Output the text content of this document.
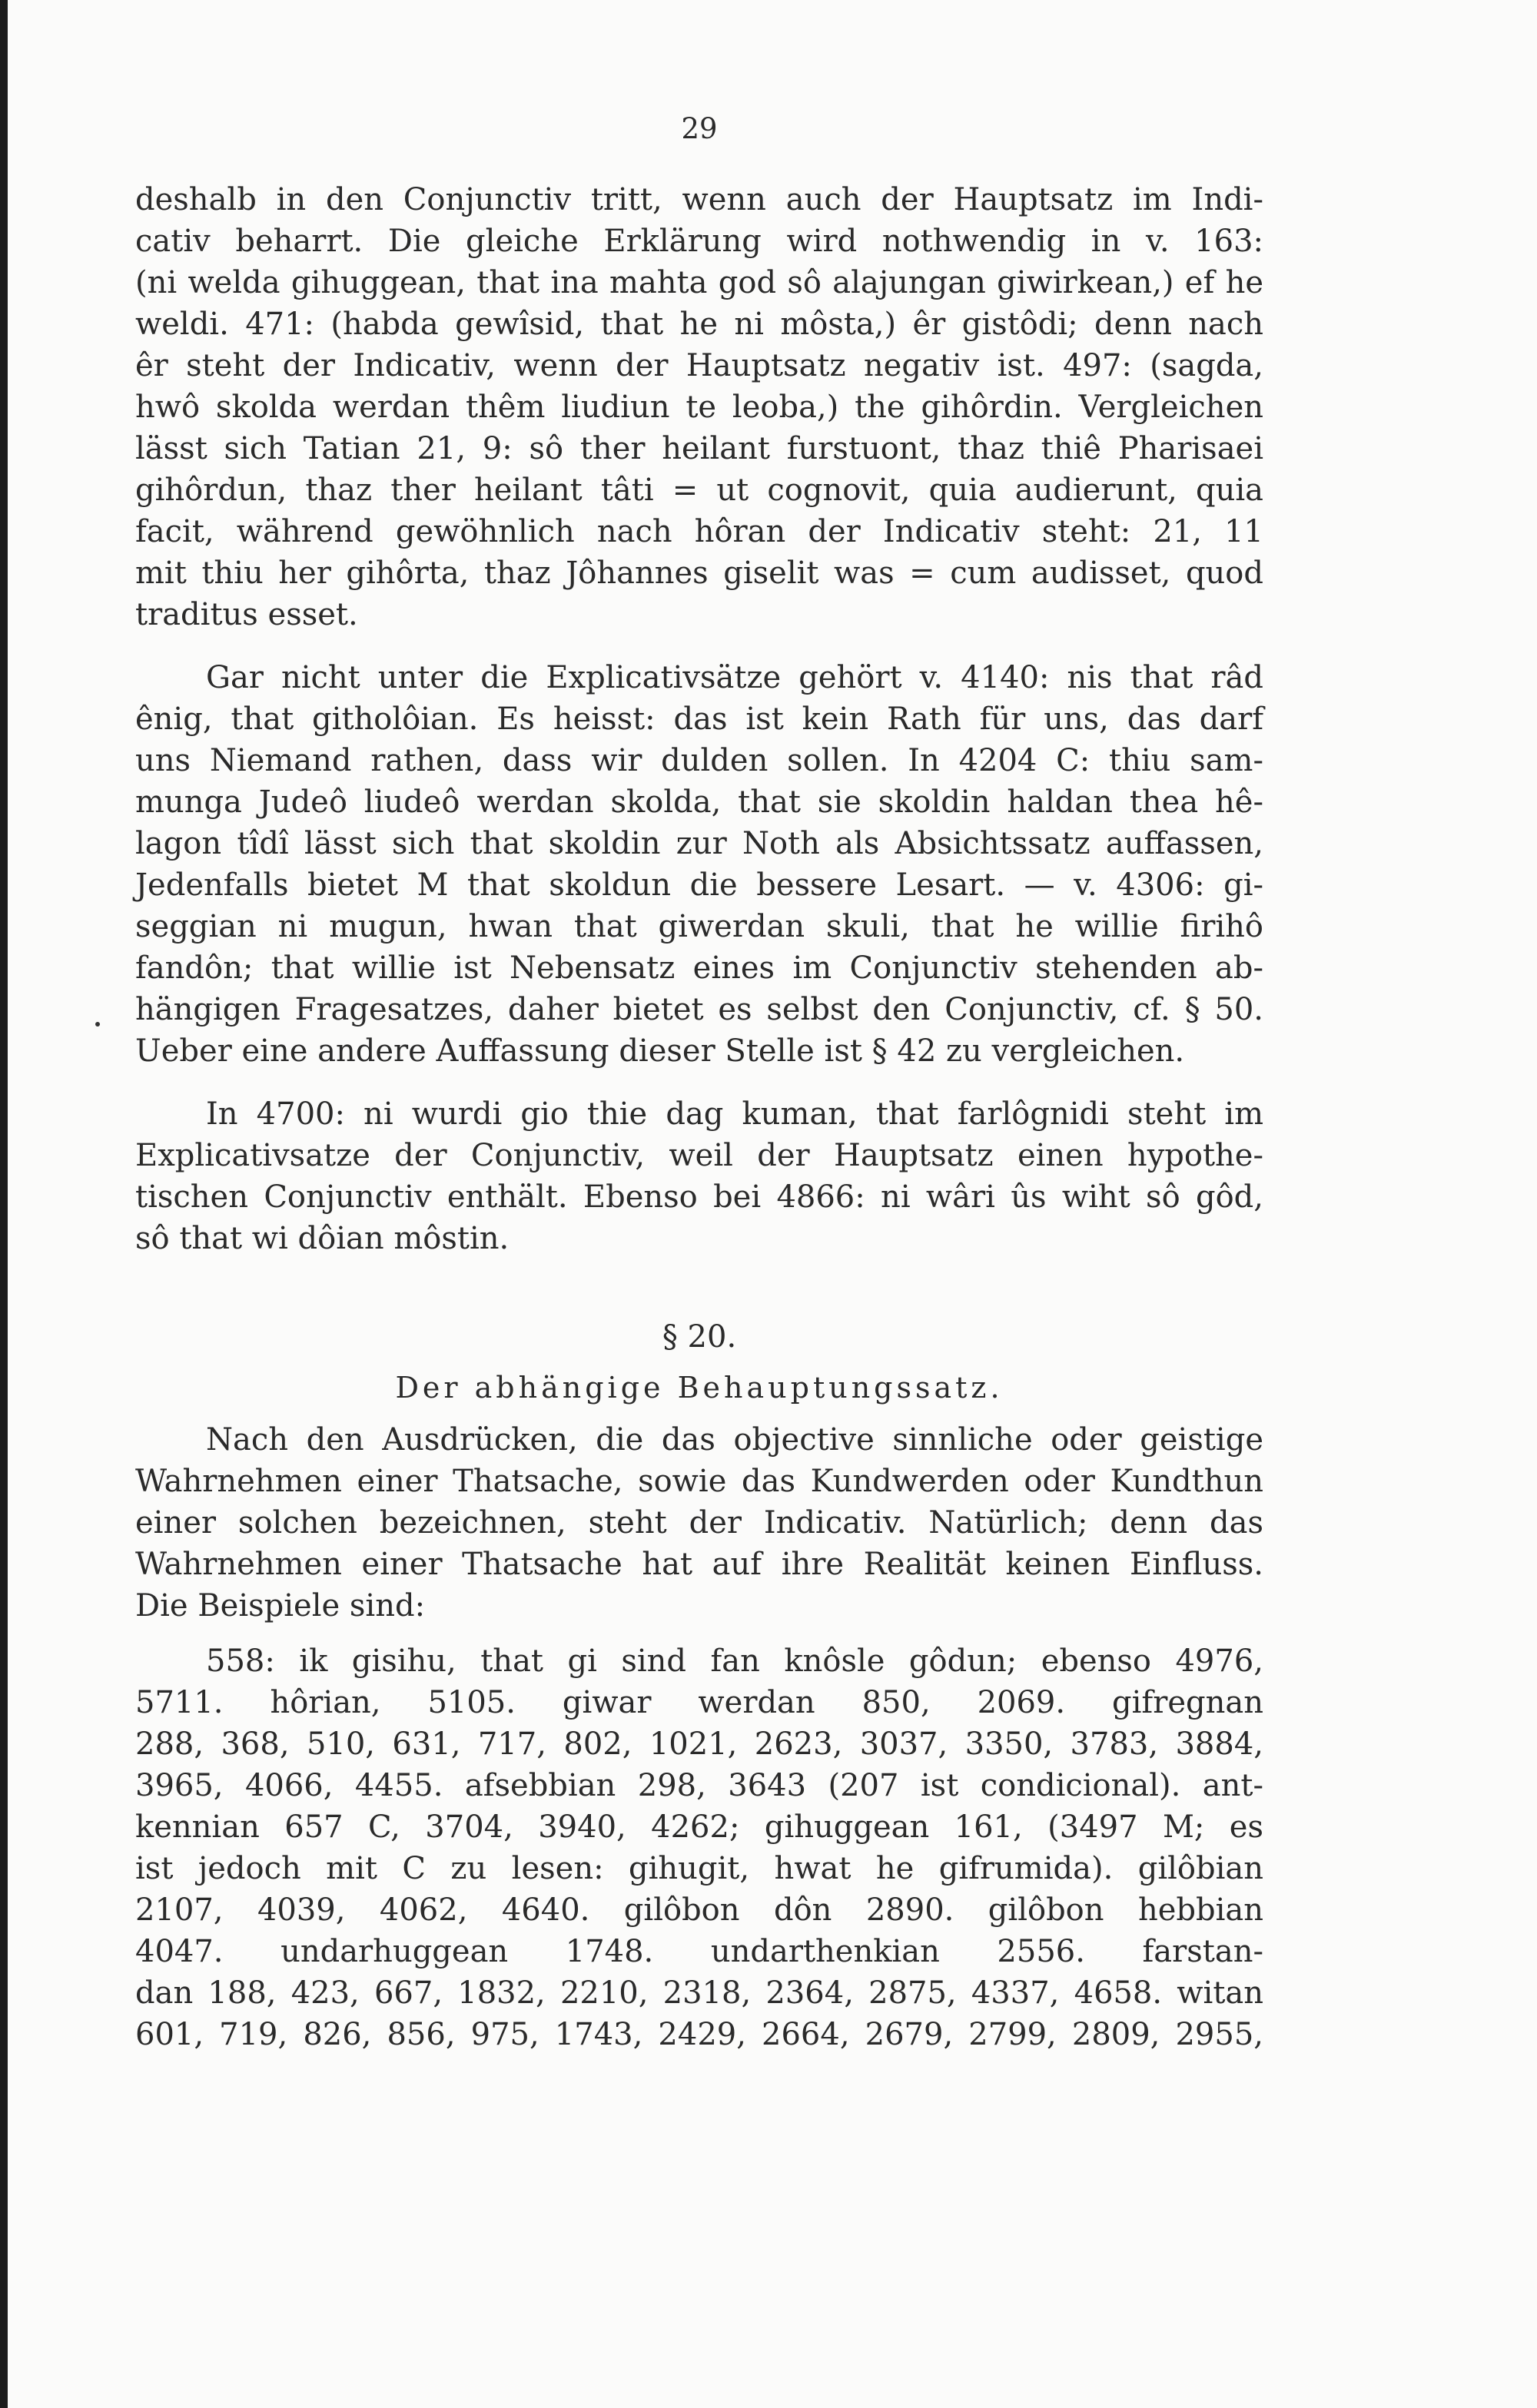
29
deshalb in den Conjunctiv tritt, wenn auch der Hauptsatz im Indi-
cativ beharrt. Die gleiche Erklärung wird nothwendig in v. 163:
(ni welda gihuggean, that ina mahta god sô alajungan giwirkean,) ef he
weldi. 471: (habda gewîsid, that he ni môsta,) êr gistôdi; denn nach
êr steht der Indicativ, wenn der Hauptsatz negativ ist. 497: (sagda,
hwô skolda werdan thêm liudiun te leoba,) the gihôrdin. Vergleichen
lässt sich Tatian 21, 9: sô ther heilant furstuont, thaz thiê Pharisaei
gihôrdun, thaz ther heilant tâti = ut cognovit, quia audierunt, quia
facit, während gewöhnlich nach hôran der Indicativ steht: 21, 11
mit thiu her gihôrta, thaz Jôhannes giselit was = cum audisset, quod
traditus esset.
Gar nicht unter die Explicativsätze gehört v. 4140: nis that râd
ênig, that githolôian. Es heisst: das ist kein Rath für uns, das darf
uns Niemand rathen, dass wir dulden sollen. In 4204 C: thiu sam-
munga Judeô liudeô werdan skolda, that sie skoldin haldan thea hê-
lagon tîdî lässt sich that skoldin zur Noth als Absichtssatz auffassen,
Jedenfalls bietet M that skoldun die bessere Lesart. — v. 4306: gi-
seggian ni mugun, hwan that giwerdan skuli, that he willie firihô
fandôn; that willie ist Nebensatz eines im Conjunctiv stehenden ab-
hängigen Fragesatzes, daher bietet es selbst den Conjunctiv, cf. § 50.
Ueber eine andere Auffassung dieser Stelle ist § 42 zu vergleichen.
In 4700: ni wurdi gio thie dag kuman, that farlôgnidi steht im
Explicativsatze der Conjunctiv, weil der Hauptsatz einen hypothe-
tischen Conjunctiv enthält. Ebenso bei 4866: ni wâri ûs wiht sô gôd,
sô that wi dôian môstin.
§ 20.
Der abhängige Behauptungssatz.
Nach den Ausdrücken, die das objective sinnliche oder geistige
Wahrnehmen einer Thatsache, sowie das Kundwerden oder Kundthun
einer solchen bezeichnen, steht der Indicativ. Natürlich; denn das
Wahrnehmen einer Thatsache hat auf ihre Realität keinen Einfluss.
Die Beispiele sind:
558: ik gisihu, that gi sind fan knôsle gôdun; ebenso 4976,
5711. hôrian, 5105. giwar werdan 850, 2069. gifregnan
288, 368, 510, 631, 717, 802, 1021, 2623, 3037, 3350, 3783, 3884,
3965, 4066, 4455. afsebbian 298, 3643 (207 ist condicional). ant-
kennian 657 C, 3704, 3940, 4262; gihuggean 161, (3497 M; es
ist jedoch mit C zu lesen: gihugit, hwat he gifrumida). gilôbian
2107, 4039, 4062, 4640. gilôbon dôn 2890. gilôbon hebbian
4047. undarhuggean 1748. undarthenkian 2556. farstan-
dan 188, 423, 667, 1832, 2210, 2318, 2364, 2875, 4337, 4658. witan
601, 719, 826, 856, 975, 1743, 2429, 2664, 2679, 2799, 2809, 2955,
